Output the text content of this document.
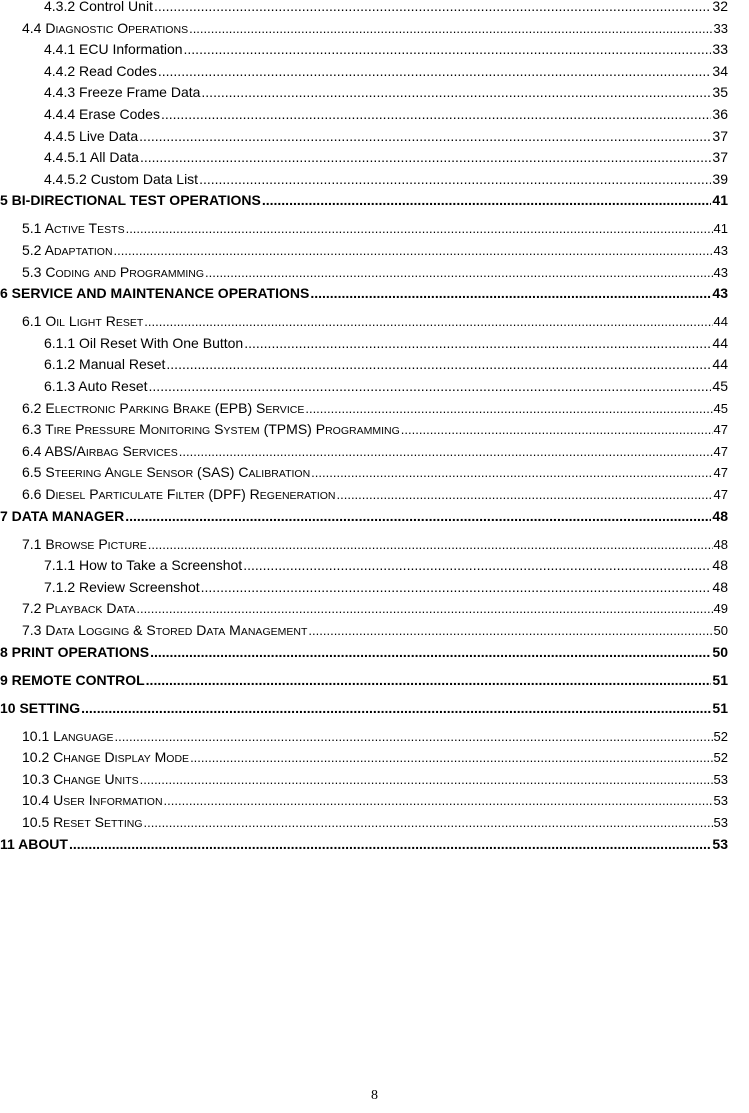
4.3.2 Control Unit .....	32
4.4 DIAGNOSTIC OPERATIONS .....	33
4.4.1 ECU Information .....	33
4.4.2 Read Codes .....	34
4.4.3 Freeze Frame Data .....	35
4.4.4 Erase Codes .....	36
4.4.5 Live Data .....	37
4.4.5.1 All Data .....	37
4.4.5.2 Custom Data List .....	39
5 BI-DIRECTIONAL TEST OPERATIONS .....	41
5.1 ACTIVE TESTS .....	41
5.2 ADAPTATION .....	43
5.3 CODING AND PROGRAMMING .....	43
6 SERVICE AND MAINTENANCE OPERATIONS .....	43
6.1 OIL LIGHT RESET .....	44
6.1.1 Oil Reset With One Button .....	44
6.1.2 Manual Reset .....	44
6.1.3 Auto Reset .....	45
6.2 ELECTRONIC PARKING BRAKE (EPB) SERVICE .....	45
6.3 TIRE PRESSURE MONITORING SYSTEM (TPMS) PROGRAMMING .....	47
6.4 ABS/AIRBAG SERVICES .....	47
6.5 STEERING ANGLE SENSOR (SAS) CALIBRATION .....	47
6.6 DIESEL PARTICULATE FILTER (DPF) REGENERATION .....	47
7 DATA MANAGER .....	48
7.1 BROWSE PICTURE .....	48
7.1.1 How to Take a Screenshot .....	48
7.1.2 Review Screenshot .....	48
7.2 PLAYBACK DATA .....	49
7.3 DATA LOGGING & STORED DATA MANAGEMENT .....	50
8 PRINT OPERATIONS .....	50
9 REMOTE CONTROL .....	51
10 SETTING .....	51
10.1 LANGUAGE .....	52
10.2 CHANGE DISPLAY MODE .....	52
10.3 CHANGE UNITS .....	53
10.4 USER INFORMATION .....	53
10.5 RESET SETTING .....	53
11 ABOUT .....	53
8
